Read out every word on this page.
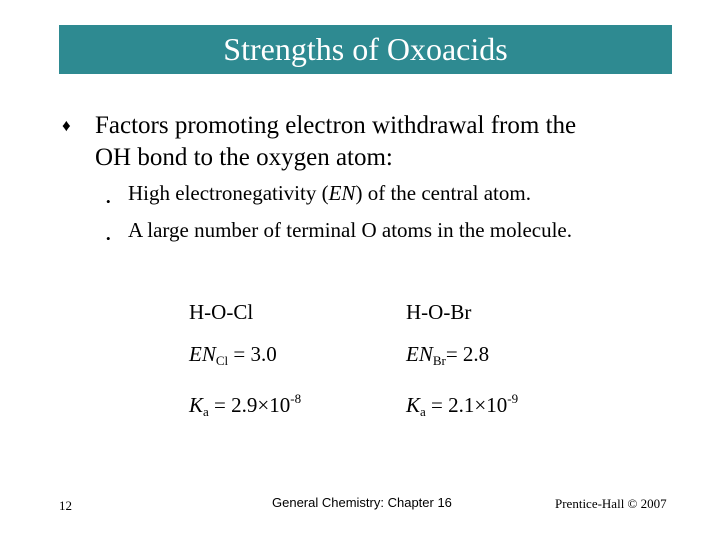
Strengths of Oxoacids
♦ Factors promoting electron withdrawal from the
OH bond to the oxygen atom:
• High electronegativity (EN) of the central atom.
• A large number of terminal O atoms in the molecule.
H-O-Cl	H-O-Br
$EN_{Cl} = 3.0$	$EN_{Br}= 2.8$
$K_a = 2.9\times 10^{-8}$	$K_a = 2.1\times 10^{-9}$
12	General Chemistry: Chapter 16	Prentice-Hall © 2007
